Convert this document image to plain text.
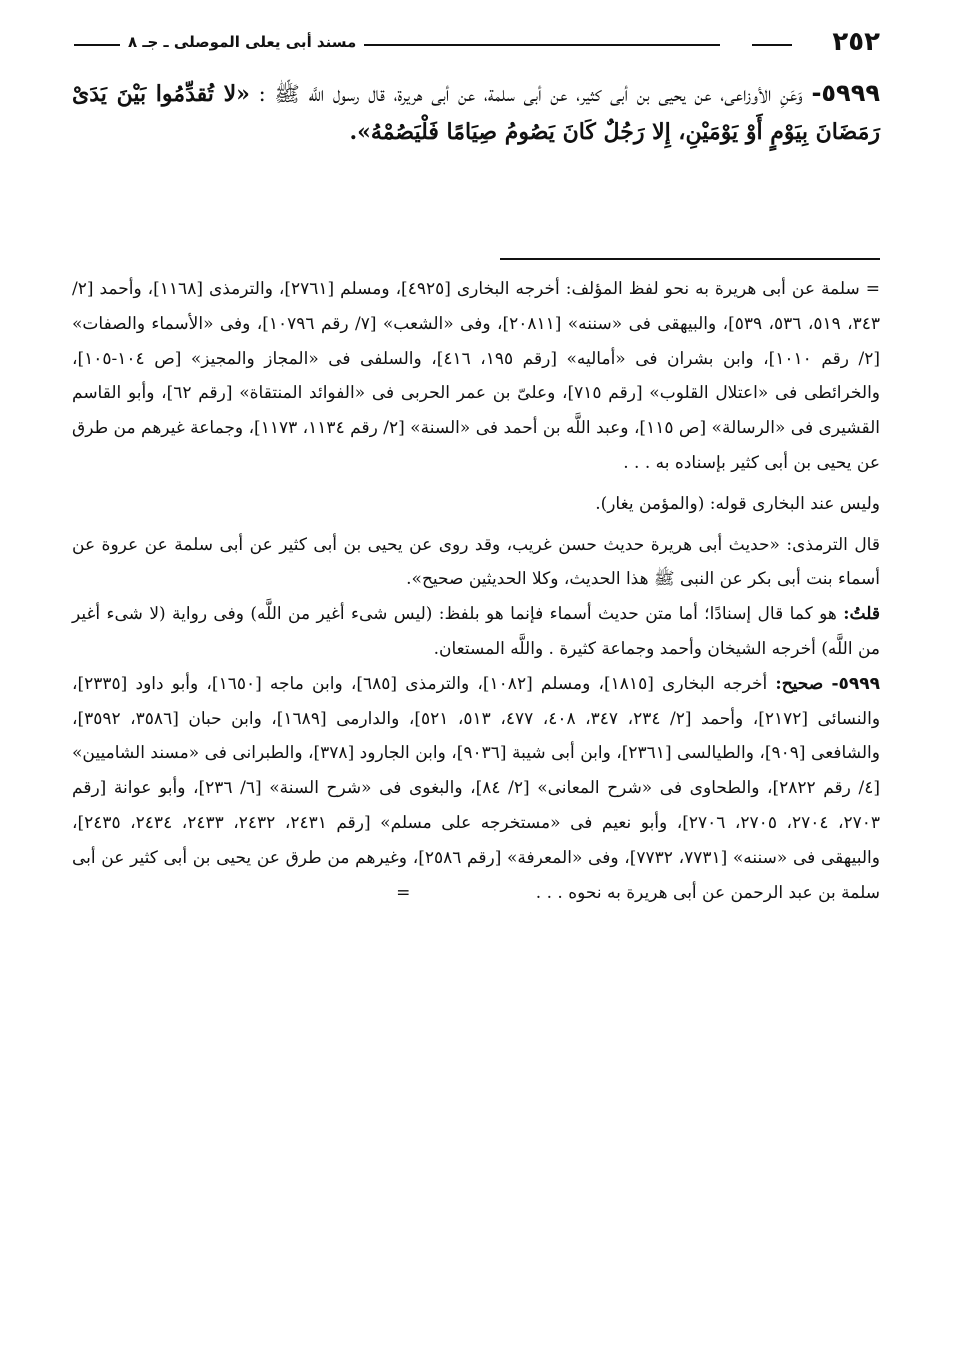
٢٥٢
مسند أبى يعلى الموصلى ـ جـ ٨
٥٩٩٩- وَعَنِ الأوزاعى، عن يحيى بن أبى كثير، عن أبى سلمة، عن أبى هريرة، قال رسول اللَّه ﷺ : «لا تُقدِّمُوا بَيْنَ يَدَىْ رَمَضَانَ بِيَوْمٍ أَوْ يَوْمَيْنِ، إِلا رَجُلٌ كَانَ يَصُومُ صِيَامًا فَلْيَصُمْهُ».

= سلمة عن أبى هريرة به نحو لفظ المؤلف: أخرجه البخارى [٤٩٢٥]، ومسلم [٢٧٦١]، والترمذى [١١٦٨]، وأحمد [٢/ ٣٤٣، ٥١٩، ٥٣٦، ٥٣٩]، والبيهقى فى «سننه» [٢٠٨١١]، وفى «الشعب» [٧/ رقم ١٠٧٩٦]، وفى «الأسماء والصفات» [٢/ رقم ١٠١٠]، وابن بشران فى «أماليه» [رقم ١٩٥، ٤١٦]، والسلفى فى «المجاز والمجيز» [ص ١٠٤-١٠٥]، والخرائطى فى «اعتلال القلوب» [رقم ٧١٥]، وعلىّ بن عمر الحربى فى «الفوائد المنتقاة» [رقم ٦٢]، وأبو القاسم القشيرى فى «الرسالة» [ص ١١٥]، وعبد اللَّه بن أحمد فى «السنة» [٢/ رقم ١١٣٤، ١١٧٣]، وجماعة غيرهم من طرق عن يحيى بن أبى كثير بإسناده به . . .

وليس عند البخارى قوله: (والمؤمن يغار).

قال الترمذى: «حديث أبى هريرة حديث حسن غريب، وقد روى عن يحيى بن أبى كثير عن أبى سلمة عن عروة عن أسماء بنت أبى بكر عن النبى ﷺ هذا الحديث، وكلا الحديثين صحيح».

قلتُ: هو كما قال إسنادًا؛ أما متن حديث أسماء فإنما هو بلفظ: (ليس شىء أغير من اللَّه) وفى رواية (لا شىء أغير من اللَّه) أخرجه الشيخان وأحمد وجماعة كثيرة . واللَّه المستعان.

٥٩٩٩- صحيح: أخرجه البخارى [١٨١٥]، ومسلم [١٠٨٢]، والترمذى [٦٨٥]، وابن ماجه [١٦٥٠]، وأبو داود [٢٣٣٥]، والنسائى [٢١٧٢]، وأحمد [٢/ ٢٣٤، ٣٤٧، ٤٠٨، ٤٧٧، ٥١٣، ٥٢١]، والدارمى [١٦٨٩]، وابن حبان [٣٥٨٦، ٣٥٩٢]، والشافعى [٩٠٩]، والطيالسى [٢٣٦١]، وابن أبى شيبة [٩٠٣٦]، وابن الجارود [٣٧٨]، والطبرانى فى «مسند الشاميين» [٤/ رقم ٢٨٢٢]، والطحاوى فى «شرح المعانى» [٢/ ٨٤]، والبغوى فى «شرح السنة» [٦/ ٢٣٦]، وأبو عوانة [رقم ٢٧٠٣، ٢٧٠٤، ٢٧٠٥، ٢٧٠٦]، وأبو نعيم فى «مستخرجه على مسلم» [رقم ٢٤٣١، ٢٤٣٢، ٢٤٣٣، ٢٤٣٤، ٢٤٣٥]، والبيهقى فى «سننه» [٧٧٣١، ٧٧٣٢]، وفى «المعرفة» [رقم ٢٥٨٦]، وغيرهم من طرق عن يحيى بن أبى كثير عن أبى سلمة بن عبد الرحمن عن أبى هريرة به نحوه . . . =
